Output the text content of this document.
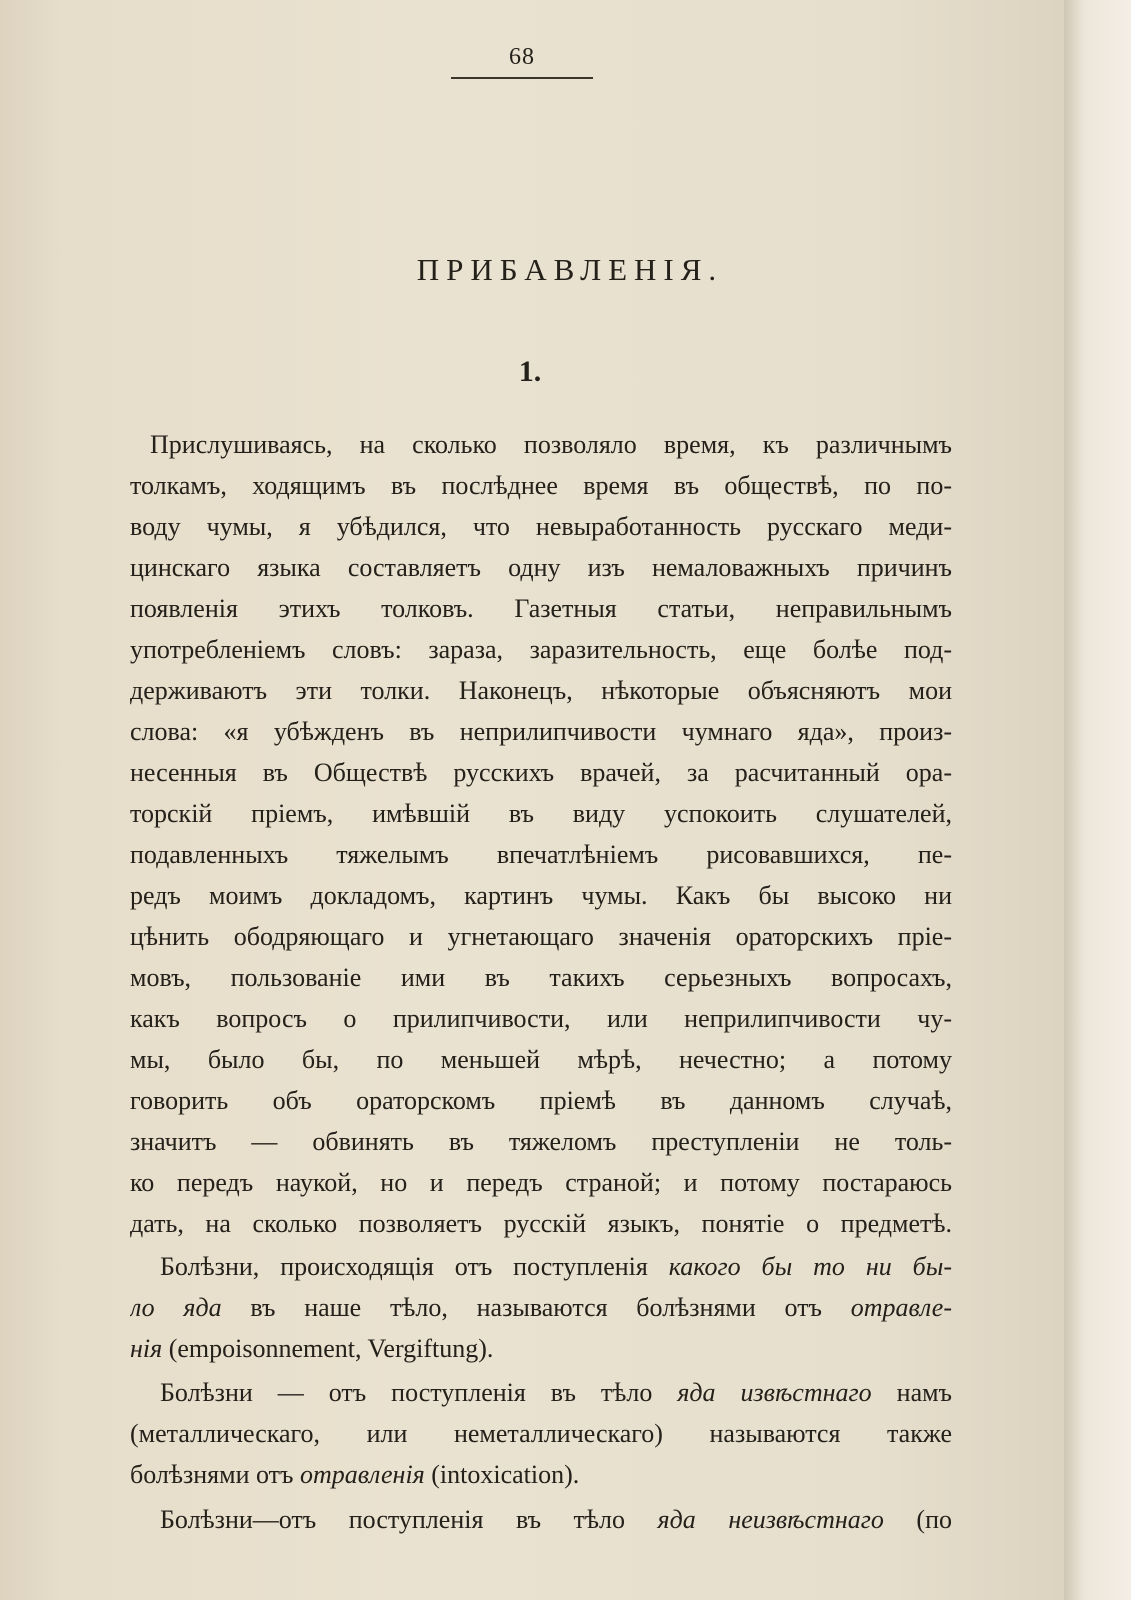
68
ПРИБАВЛЕНІЯ.
1.
Прислушиваясь, на сколько позволяло время, къ различнымъ
толкамъ, ходящимъ въ послѣднее время въ обществѣ, по по-
воду чумы, я убѣдился, что невыработанность русскаго меди-
цинскаго языка составляетъ одну изъ немаловажныхъ причинъ
появленія этихъ толковъ. Газетныя статьи, неправильнымъ
употребленіемъ словъ: зараза, заразительность, еще болѣе под-
держиваютъ эти толки. Наконецъ, нѣкоторые объясняютъ мои
слова: «я убѣжденъ въ неприлипчивости чумнаго яда», произ-
несенныя въ Обществѣ русскихъ врачей, за расчитанный ора-
торскій пріемъ, имѣвшій въ виду успокоить слушателей,
подавленныхъ тяжелымъ впечатлѣніемъ рисовавшихся, пе-
редъ моимъ докладомъ, картинъ чумы. Какъ бы высоко ни
цѣнить ободряющаго и угнетающаго значенія ораторскихъ пріе-
мовъ, пользованіе ими въ такихъ серьезныхъ вопросахъ,
какъ вопросъ о прилипчивости, или неприлипчивости чу-
мы, было бы, по меньшей мѣрѣ, нечестно; а потому
говорить объ ораторскомъ пріемѣ въ данномъ случаѣ,
значитъ — обвинять въ тяжеломъ преступленіи не толь-
ко передъ наукой, но и передъ страной; и потому постараюсь
дать, на сколько позволяетъ русскій языкъ, понятіе о предметѣ.
Болѣзни, происходящія отъ поступленія какого бы то ни бы-
ло яда въ наше тѣло, называются болѣзнями отъ отравле-
нія (empoisonnement, Vergiftung).
Болѣзни — отъ поступленія въ тѣло яда извѣстнаго намъ
(металлическаго, или неметаллическаго) называются также
болѣзнями отъ отравленія (intoxication).
Болѣзни—отъ поступленія въ тѣло яда неизвѣстнаго (по
